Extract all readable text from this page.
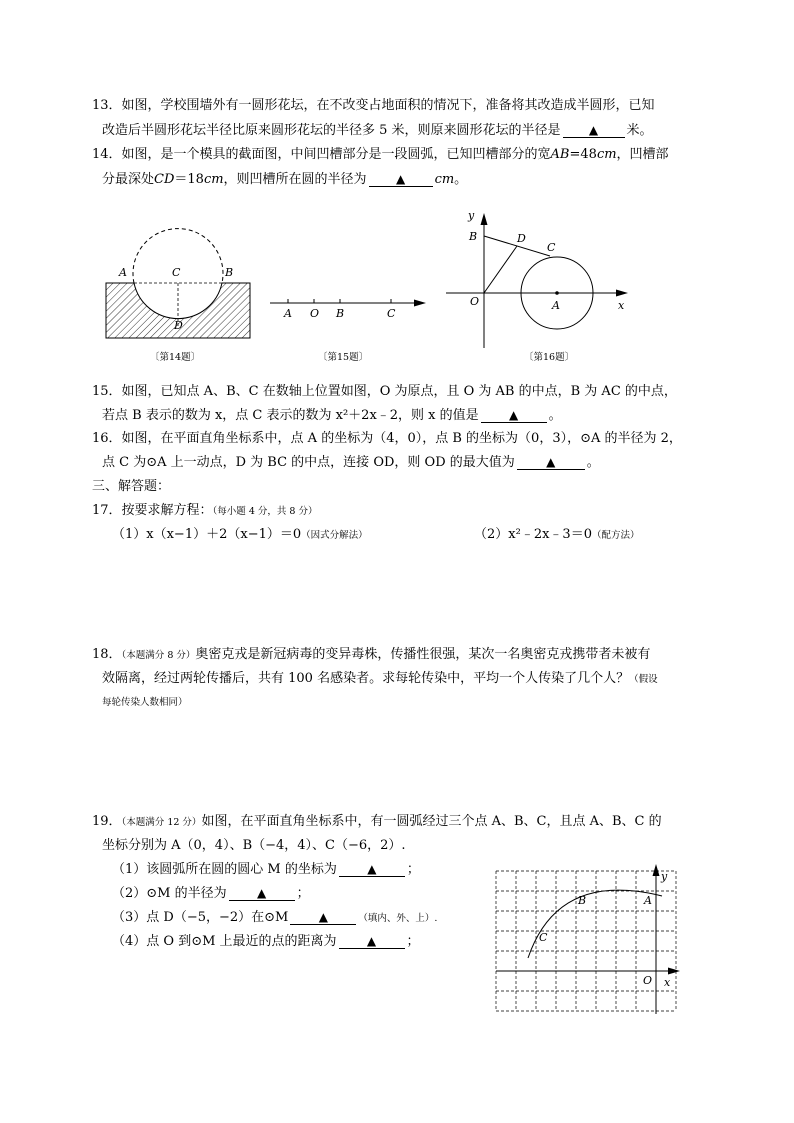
13．如图，学校围墙外有一圆形花坛，在不改变占地面积的情况下，准备将其改造成半圆形，已知
改造后半圆形花坛半径比原来圆形花坛的半径多 5 米，则原来圆形花坛的半径是 ▲ 米。
14．如图，是一个模具的截面图，中间凹槽部分是一段圆弧，已知凹槽部分的宽AB=48cm，凹槽部
分最深处CD＝18cm，则凹槽所在圆的半径为 ▲ cm。
A	C	B
D
〔第14题〕
A O B	C
〔第15题〕
y
B	D
C
O	A	x
〔第16题〕
15．如图，已知点 A、B、C 在数轴上位置如图，O 为原点，且 O 为 AB 的中点，B 为 AC 的中点，
若点 B 表示的数为 x，点 C 表示的数为 x²＋2x﹣2，则 x 的值是	▲ 。
16．如图，在平面直角坐标系中，点 A 的坐标为（4，0），点 B 的坐标为（0，3），⊙A 的半径为 2，
点 C 为⊙A 上一动点，D 为 BC 的中点，连接 OD，则 OD 的最大值为	▲ 。
三、解答题：
17．按要求解方程：（每小题 4 分，共 8 分）
（1）x（x−1）＋2（x−1）＝0（因式分解法）	（2）x²﹣2x﹣3＝0（配方法）
18．（本题满分 8 分）奥密克戎是新冠病毒的变异毒株，传播性很强，某次一名奥密克戎携带者未被有
效隔离，经过两轮传播后，共有 100 名感染者。求每轮传染中，平均一个人传染了几个人？（假设
每轮传染人数相同）
19．（本题满分 12 分）如图，在平面直角坐标系中，有一圆弧经过三个点 A、B、C，且点 A、B、C 的
坐标分别为 A（0，4）、B（−4，4）、C（−6，2）.
（1）该圆弧所在圆的圆心 M 的坐标为	▲ ；
（2）⊙M 的半径为	▲ ；
（3）点 D（−5，−2）在⊙M	▲	（填内、外、上）.
（4）点 O 到⊙M 上最近的点的距离为	▲ ；
y
A
B
C
O x
